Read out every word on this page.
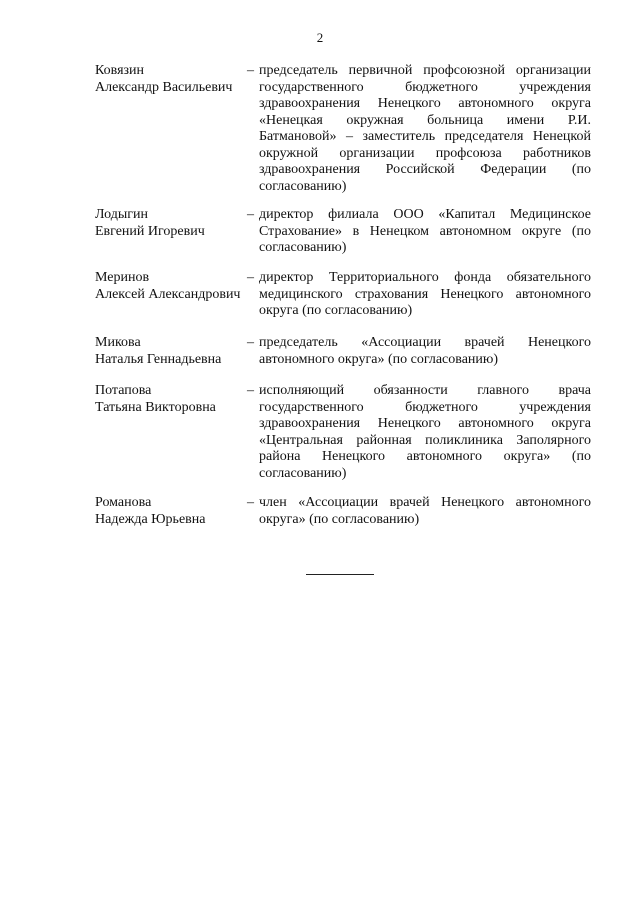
2
Ковязин
Александр Васильевич
– председатель первичной профсоюзной организации государственного бюджетного учреждения здравоохранения Ненецкого автономного округа «Ненецкая окружная больница имени Р.И. Батмановой» – заместитель председателя Ненецкой окружной организации профсоюза работников здравоохранения Российской Федерации (по согласованию)
Лодыгин
Евгений Игоревич
– директор филиала ООО «Капитал Медицинское Страхование» в Ненецком автономном округе (по согласованию)
Меринов
Алексей Александрович
– директор Территориального фонда обязательного медицинского страхования Ненецкого автономного округа (по согласованию)
Микова
Наталья Геннадьевна
– председатель «Ассоциации врачей Ненецкого автономного округа» (по согласованию)
Потапова
Татьяна Викторовна
– исполняющий обязанности главного врача государственного бюджетного учреждения здравоохранения Ненецкого автономного округа «Центральная районная поликлиника Заполярного района Ненецкого автономного округа» (по согласованию)
Романова
Надежда Юрьевна
– член «Ассоциации врачей Ненецкого автономного округа» (по согласованию)
